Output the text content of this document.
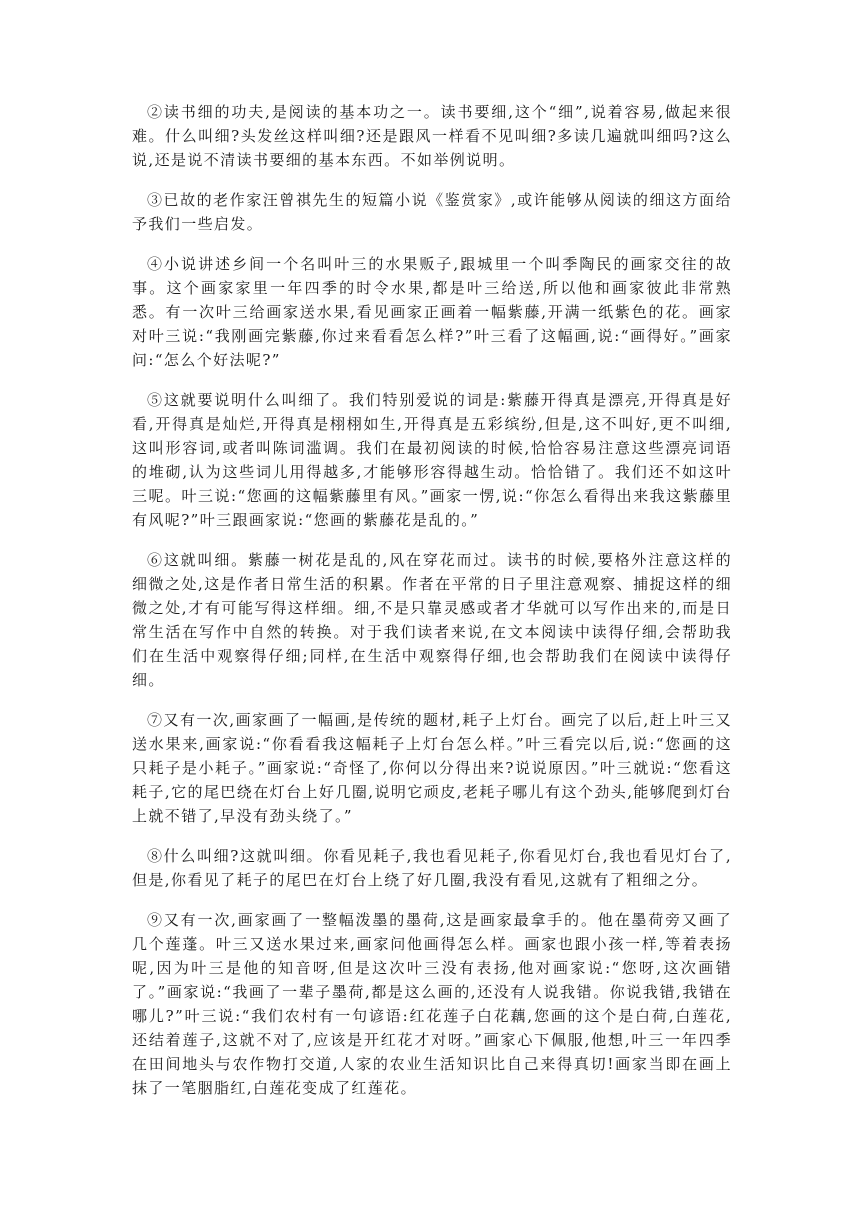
②读书细的功夫,是阅读的基本功之一。读书要细,这个“细”,说着容易,做起来很难。什么叫细?头发丝这样叫细?还是跟风一样看不见叫细?多读几遍就叫细吗?这么说,还是说不清读书要细的基本东西。不如举例说明。

③已故的老作家汪曾祺先生的短篇小说《鉴赏家》,或许能够从阅读的细这方面给予我们一些启发。

④小说讲述乡间一个名叫叶三的水果贩子,跟城里一个叫季陶民的画家交往的故事。这个画家家里一年四季的时令水果,都是叶三给送,所以他和画家彼此非常熟悉。有一次叶三给画家送水果,看见画家正画着一幅紫藤,开满一纸紫色的花。画家对叶三说:“我刚画完紫藤,你过来看看怎么样?”叶三看了这幅画,说:“画得好。”画家问:“怎么个好法呢?”

⑤这就要说明什么叫细了。我们特别爱说的词是:紫藤开得真是漂亮,开得真是好看,开得真是灿烂,开得真是栩栩如生,开得真是五彩缤纷,但是,这不叫好,更不叫细,这叫形容词,或者叫陈词滥调。我们在最初阅读的时候,恰恰容易注意这些漂亮词语的堆砌,认为这些词儿用得越多,才能够形容得越生动。恰恰错了。我们还不如这叶三呢。叶三说:“您画的这幅紫藤里有风。”画家一愣,说:“你怎么看得出来我这紫藤里有风呢?”叶三跟画家说:“您画的紫藤花是乱的。”

⑥这就叫细。紫藤一树花是乱的,风在穿花而过。读书的时候,要格外注意这样的细微之处,这是作者日常生活的积累。作者在平常的日子里注意观察、捕捉这样的细微之处,才有可能写得这样细。细,不是只靠灵感或者才华就可以写作出来的,而是日常生活在写作中自然的转换。对于我们读者来说,在文本阅读中读得仔细,会帮助我们在生活中观察得仔细;同样,在生活中观察得仔细,也会帮助我们在阅读中读得仔细。

⑦又有一次,画家画了一幅画,是传统的题材,耗子上灯台。画完了以后,赶上叶三又送水果来,画家说:“你看看我这幅耗子上灯台怎么样。”叶三看完以后,说:“您画的这只耗子是小耗子。”画家说:“奇怪了,你何以分得出来?说说原因。”叶三就说:“您看这耗子,它的尾巴绕在灯台上好几圈,说明它顽皮,老耗子哪儿有这个劲头,能够爬到灯台上就不错了,早没有劲头绕了。”

⑧什么叫细?这就叫细。你看见耗子,我也看见耗子,你看见灯台,我也看见灯台了,但是,你看见了耗子的尾巴在灯台上绕了好几圈,我没有看见,这就有了粗细之分。

⑨又有一次,画家画了一整幅泼墨的墨荷,这是画家最拿手的。他在墨荷旁又画了几个莲蓬。叶三又送水果过来,画家问他画得怎么样。画家也跟小孩一样,等着表扬呢,因为叶三是他的知音呀,但是这次叶三没有表扬,他对画家说:“您呀,这次画错了。”画家说:“我画了一辈子墨荷,都是这么画的,还没有人说我错。你说我错,我错在哪儿?”叶三说:“我们农村有一句谚语:红花莲子白花藕,您画的这个是白荷,白莲花,还结着莲子,这就不对了,应该是开红花才对呀。”画家心下佩服,他想,叶三一年四季在田间地头与农作物打交道,人家的农业生活知识比自己来得真切!画家当即在画上抹了一笔胭脂红,白莲花变成了红莲花。
